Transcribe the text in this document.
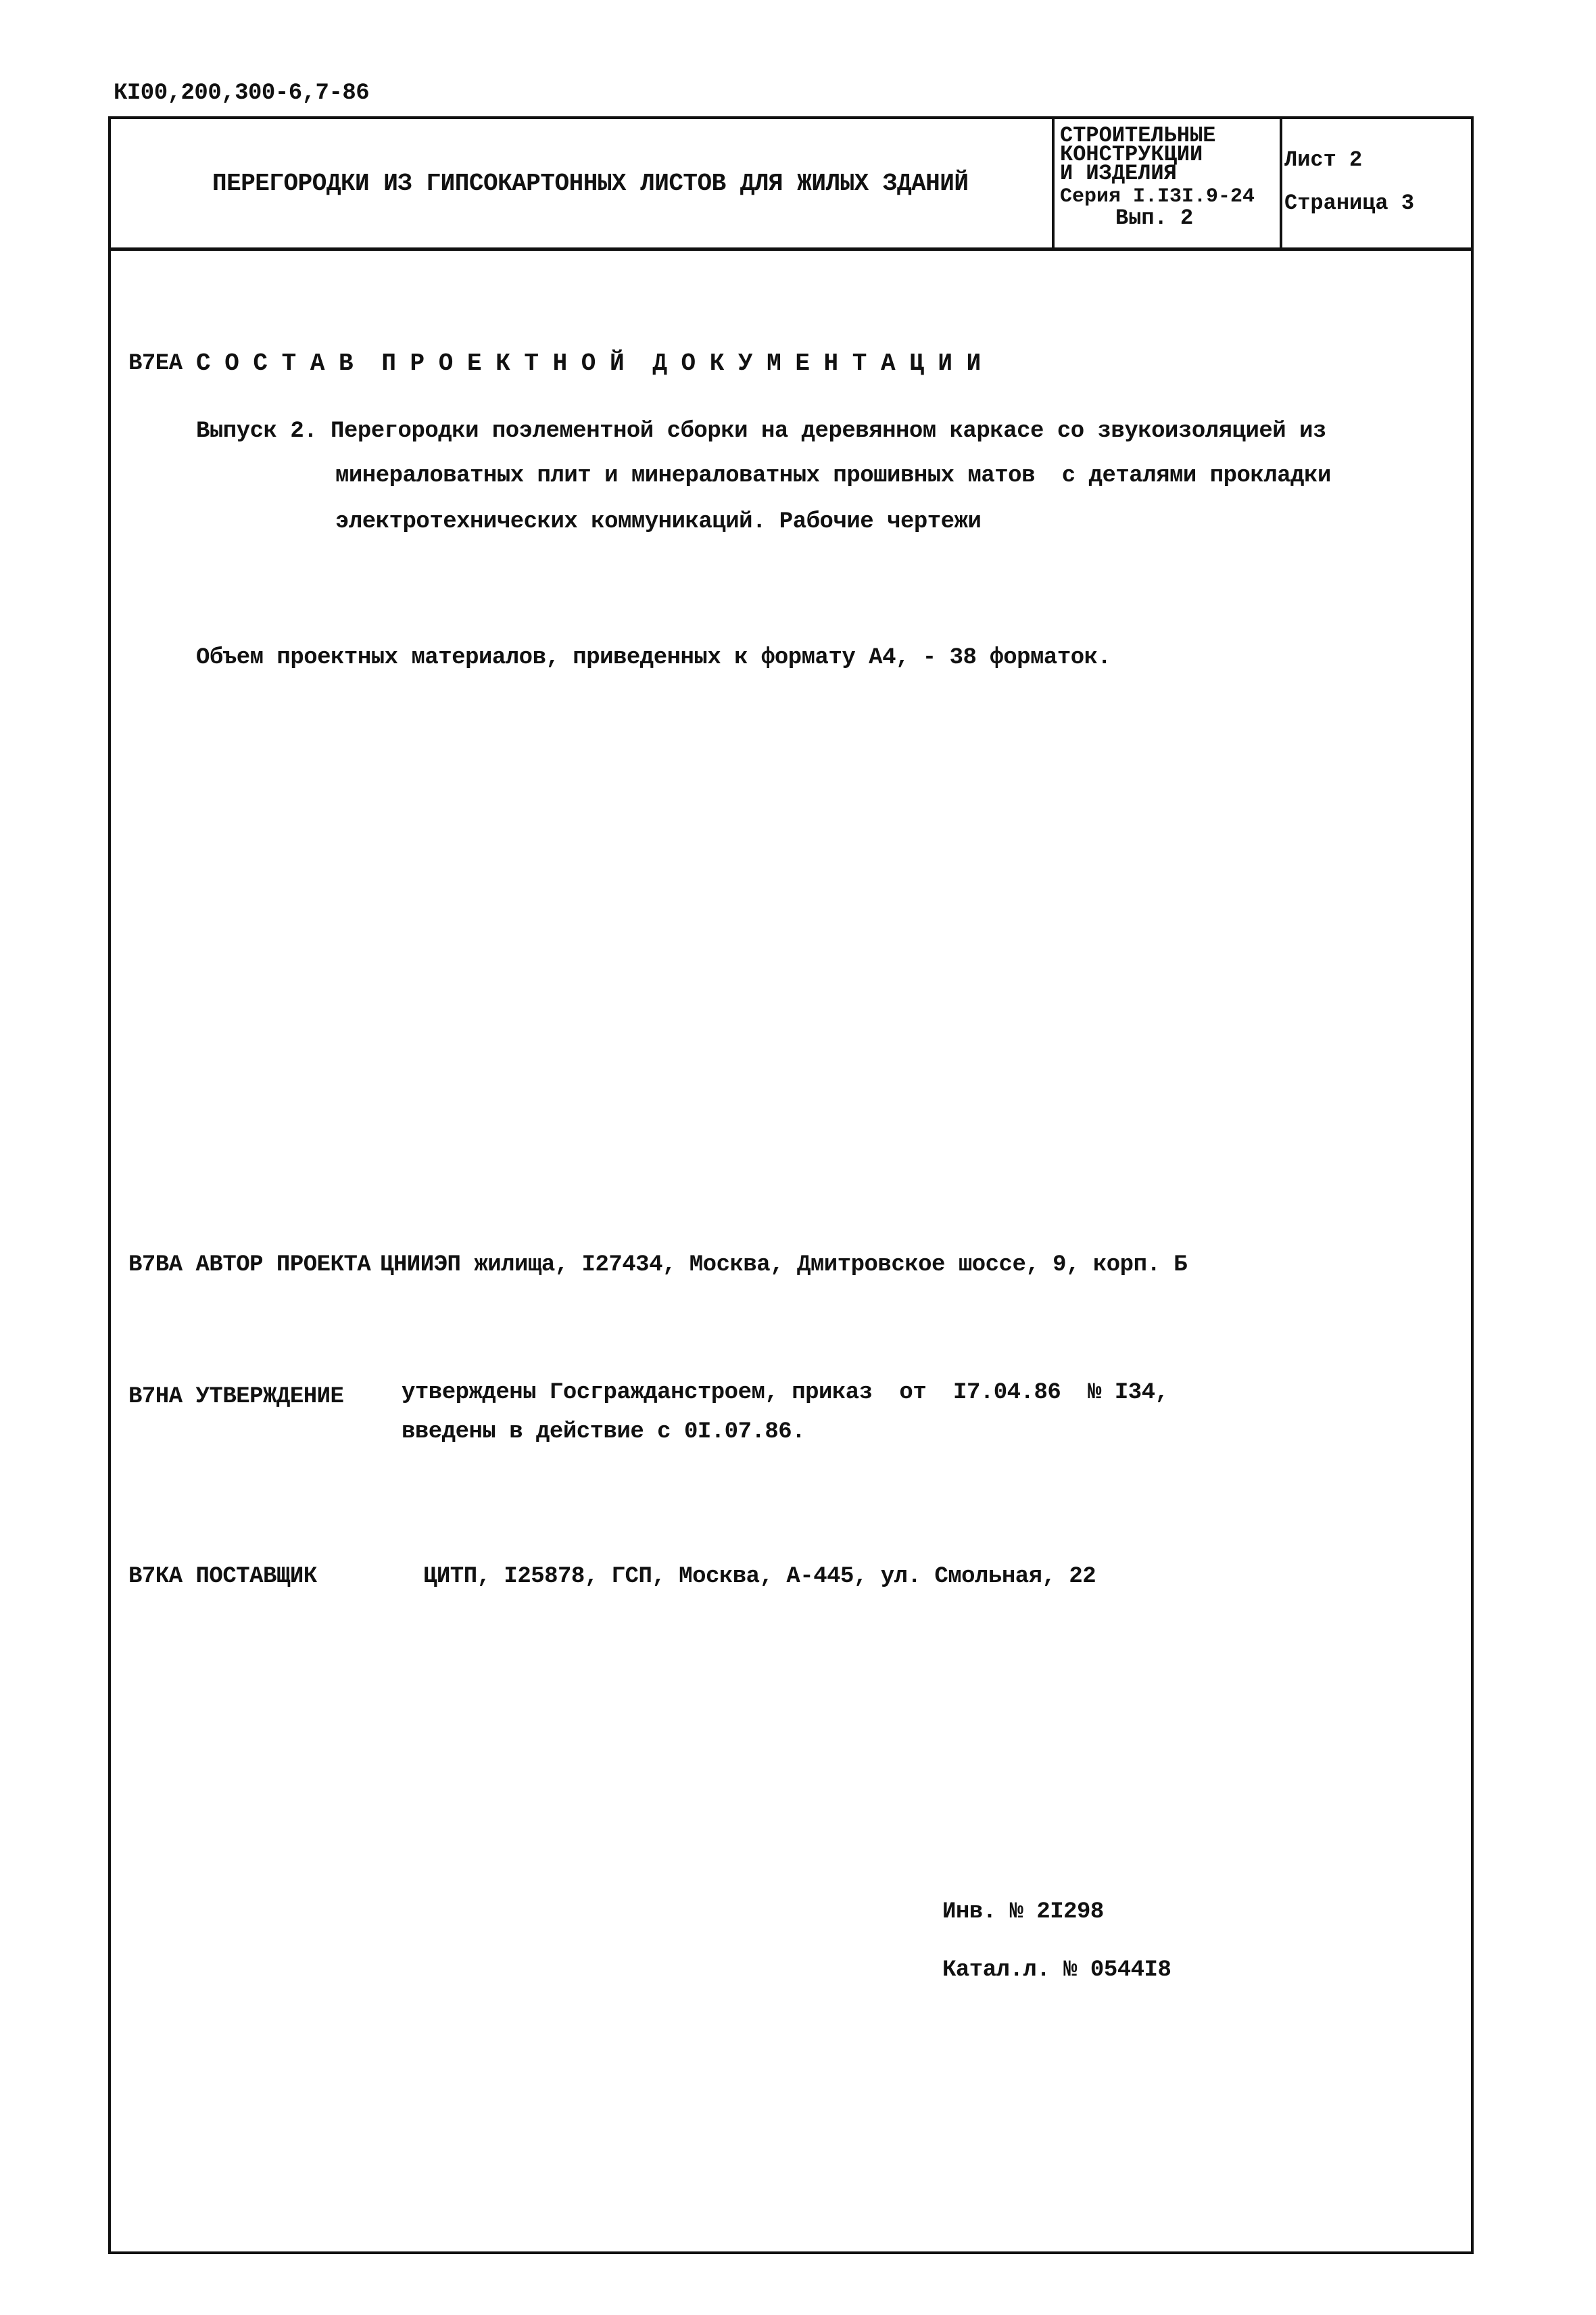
КI00,200,300-6,7-86
ПЕРЕГОРОДКИ ИЗ ГИПСОКАРТОННЫХ ЛИСТОВ ДЛЯ ЖИЛЫХ ЗДАНИЙ
СТРОИТЕЛЬНЫЕ
КОНСТРУКЦИИ
И ИЗДЕЛИЯ
Серия I.I3I.9-24
Вып. 2
Лист 2
Страница 3
В7ЕА С О С Т А В  П Р О Е К Т Н О Й  Д О К У М Е Н Т А Ц И И
Выпуск 2. Перегородки поэлементной сборки на деревянном каркасе со звукоизоляцией из
минераловатных плит и минераловатных прошивных матов  с деталями прокладки
электротехнических коммуникаций. Рабочие чертежи
Объем проектных материалов, приведенных к формату А4, - 38 форматок.
В7ВА АВТОР ПРОЕКТА ЦНИИЭП жилища, I27434, Москва, Дмитровское шоссе, 9, корп. Б
В7НА УТВЕРЖДЕНИЕ	утверждены Госгражданстроем, приказ  от  I7.04.86  № I34,
введены в действие с 0I.07.86.
В7КА ПОСТАВЩИК	ЦИТП, I25878, ГСП, Москва, А-445, ул. Смольная, 22
Инв. № 2I298
Катал.л. № 0544I8
